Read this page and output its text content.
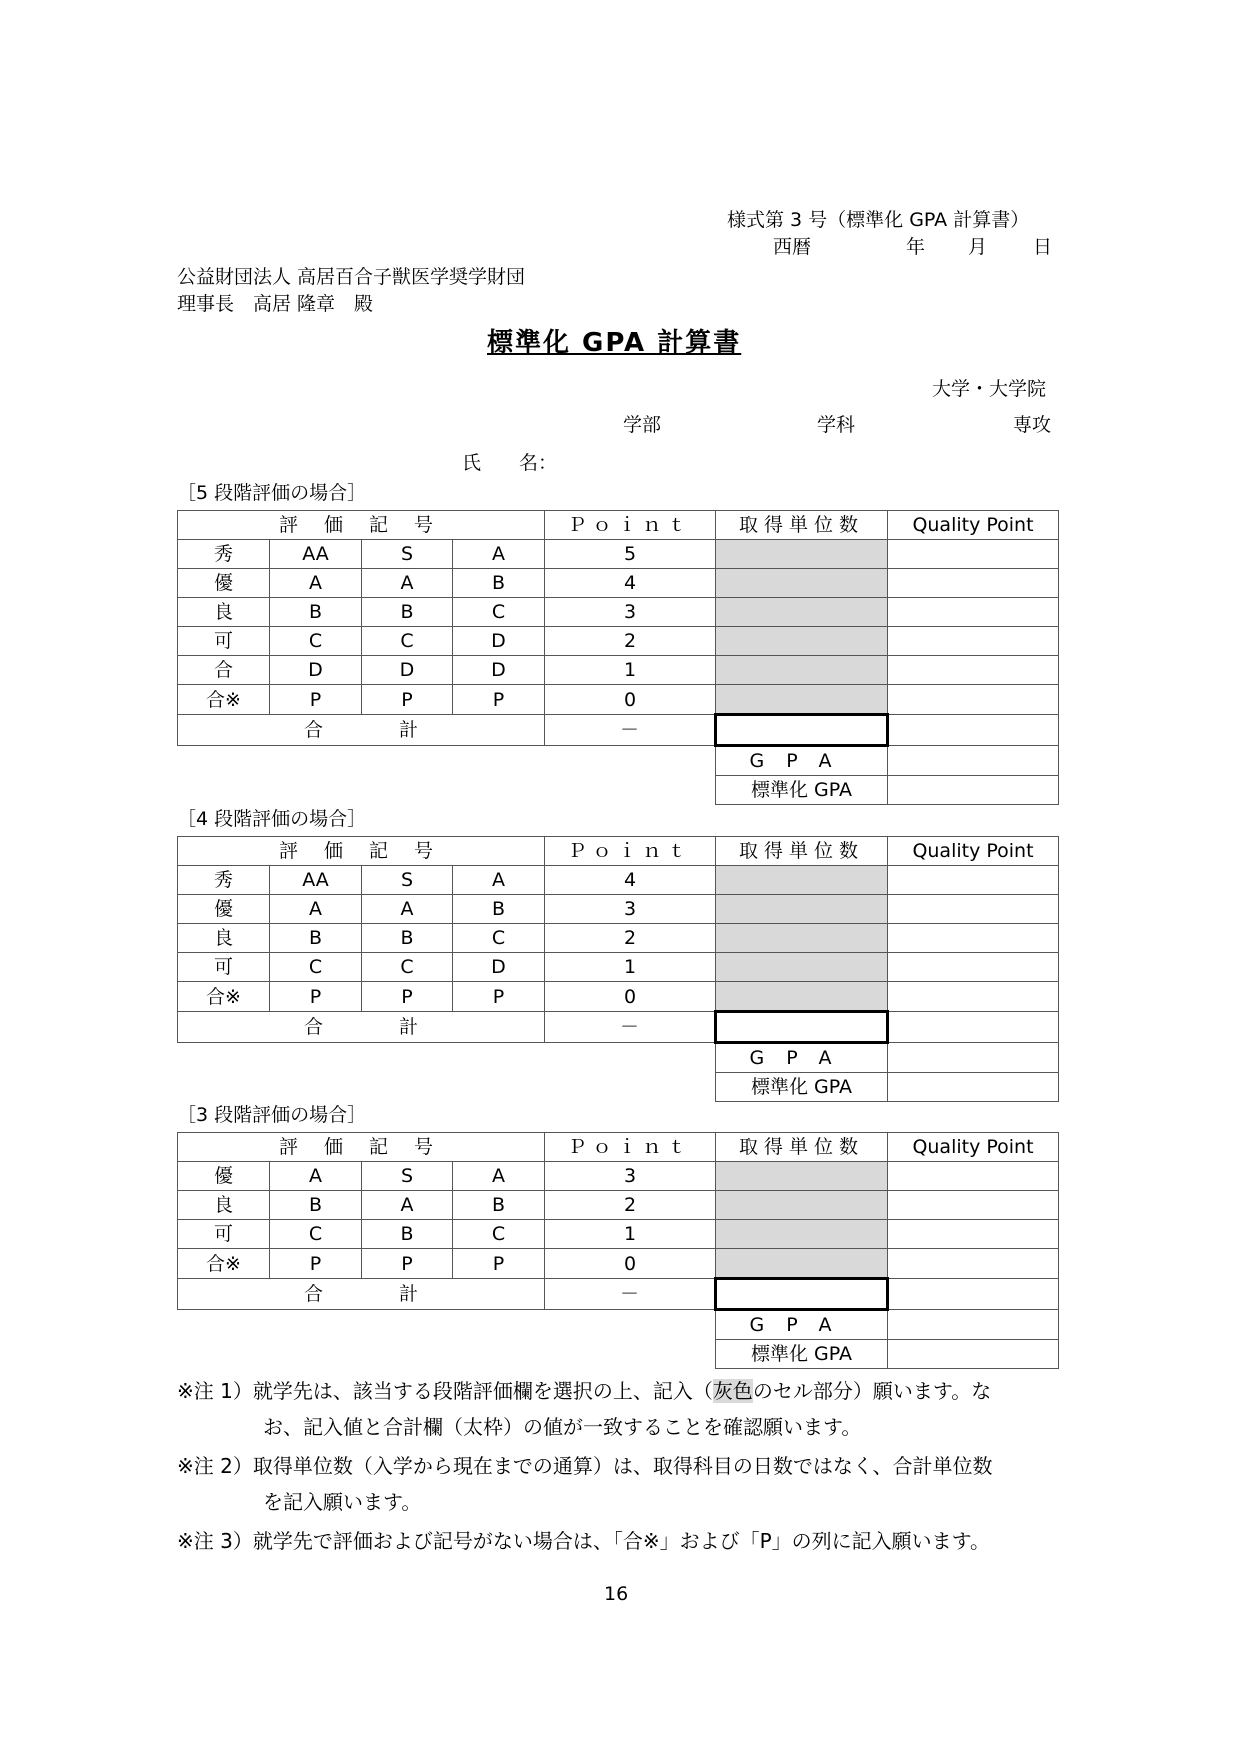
様式第 3 号（標準化 GPA 計算書）
西暦	年 月 日
公益財団法人 高居百合子獣医学奨学財団
理事長　高居 隆章　殿
標準化 GPA 計算書
大学・大学院
学部	学科	専攻
氏　　名：
［5 段階評価の場合］
評 価 記 号				Ｐｏｉｎｔ	取得単位数	Quality Point
秀	AA	S	A	5		
優	A	A	B	4		
良	B	B	C	3		
可	C	C	D	2		
合	D	D	D	1		
合※	P	P	P	0		
合　　　　計				－		
					GPA	
					標準化 GPA	
［4 段階評価の場合］
評 価 記 号				Ｐｏｉｎｔ	取得単位数	Quality Point
秀	AA	S	A	4		
優	A	A	B	3		
良	B	B	C	2		
可	C	C	D	1		
合※	P	P	P	0		
合　　　　計				－		
					GPA	
					標準化 GPA	
［3 段階評価の場合］
評 価 記 号				Ｐｏｉｎｔ	取得単位数	Quality Point
優	A	S	A	3		
良	B	A	B	2		
可	C	B	C	1		
合※	P	P	P	0		
合　　　　計				－		
					GPA	
					標準化 GPA	
※注 1）就学先は、該当する段階評価欄を選択の上、記入（灰色のセル部分）願います。な
お、記入値と合計欄（太枠）の値が一致することを確認願います。
※注 2）取得単位数（入学から現在までの通算）は、取得科目の日数ではなく、合計単位数
を記入願います。
※注 3）就学先で評価および記号がない場合は、「合※」および「P」の列に記入願います。
16
